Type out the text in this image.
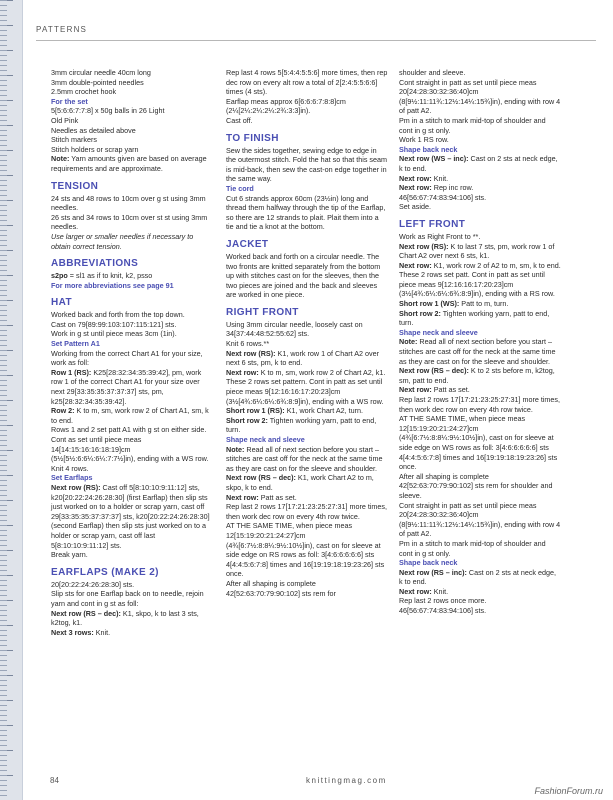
PATTERNS

3mm circular needle 40cm long

3mm double-pointed needles

2.5mm crochet hook

For the set

5[5:6:6:7:7:8] x 50g balls in 26 Light

Old Pink

Needles as detailed above

Stitch markers

Stitch holders or scrap yarn

Note: Yarn amounts given are based on average requirements and are approximate.

TENSION

24 sts and 48 rows to 10cm over g st using 3mm needles.

26 sts and 34 rows to 10cm over st st using 3mm needles.

Use larger or smaller needles if necessary to obtain correct tension.

ABBREVIATIONS

s2po = sl1 as if to knit, k2, psso

For more abbreviations see page 91

HAT

Worked back and forth from the top down.

Cast on 79[89:99:103:107:115:121] sts.

Work in g st until piece meas 3cm (1in).

Set Pattern A1

Working from the correct Chart A1 for your size, work as foll:

Row 1 (RS): K25[28:32:34:35:39:42], pm, work row 1 of the correct Chart A1 for your size over next 29[33:35:35:37:37:37] sts, pm, k25[28:32:34:35:39:42].

Row 2: K to m, sm, work row 2 of Chart A1, sm, k to end.

Rows 1 and 2 set patt A1 with g st on either side. Cont as set until piece meas 14[14:15:16:16:18:19]cm (5½[5½:6:6¼:6¼:7:7½]in), ending with a WS row.

Knit 4 rows.

Set Earflaps

Next row (RS): Cast off 5[8:10:10:9:11:12] sts, k20[20:22:24:26:28:30] (first Earflap) then slip sts just worked on to a holder or scrap yarn, cast off 29[33:35:35:37:37:37] sts, k20[20:22:24:26:28:30] (second Earflap) then slip sts just worked on to a holder or scrap yarn, cast off last 5[8:10:10:9:11:12] sts.

Break yarn.

EARFLAPS (MAKE 2)

20[20:22:24:26:28:30] sts.

Slip sts for one Earflap back on to needle, rejoin yarn and cont in g st as foll:

Next row (RS – dec): K1, skpo, k to last 3 sts, k2tog, k1.

Next 3 rows: Knit.

Rep last 4 rows 5[5:4:4:5:5:6] more times, then rep dec row on every alt row a total of 2[2:4:5:5:6:6] times (4 sts).

Earflap meas approx 6[6:6:6:7:8:8]cm (2¼[2¼:2¼:2¼:2¾:3:3]in).

Cast off.

TO FINISH

Sew the sides together, sewing edge to edge in the outermost stitch. Fold the hat so that this seam is mid-back, then sew the cast-on edge together in the same way.

Tie cord

Cut 6 strands approx 60cm (23½in) long and thread them halfway through the tip of the Earflap, so there are 12 strands to plait. Plait them into a tie and tie a knot at the bottom.

JACKET

Worked back and forth on a circular needle. The two fronts are knitted separately from the bottom up with stitches cast on for the sleeves, then the two pieces are joined and the back and sleeves are worked in one piece.

RIGHT FRONT

Using 3mm circular needle, loosely cast on 34[37:44:48:52:55:62] sts.

Knit 6 rows.**

Next row (RS): K1, work row 1 of Chart A2 over next 6 sts, pm, k to end.

Next row: K to m, sm, work row 2 of Chart A2, k1.

These 2 rows set pattern. Cont in patt as set until piece meas 9[12:16:16:17:20:23]cm (3½[4¾:6¼:6¼:6¾:8:9]in), ending with a WS row.

Short row 1 (RS): K1, work Chart A2, turn.

Short row 2: Tighten working yarn, patt to end, turn.

Shape neck and sleeve

Note: Read all of next section before you start – stitches are cast off for the neck at the same time as they are cast on for the sleeve and shoulder.

Next row (RS – dec): K1, work Chart A2 to m, skpo, k to end.

Next row: Patt as set.

Rep last 2 rows 17[17:21:23:25:27:31] more times, then work dec row on every 4th row twice.

AT THE SAME TIME, when piece meas 12[15:19:20:21:24:27]cm (4¾[6:7½:8:8¼:9½:10½]in), cast on for sleeve at side edge on RS rows as foll: 3[4:6:6:6:6:6] sts 4[4:4:5:6:7:8] times and 16[19:19:18:19:23:26] sts once.

After all shaping is complete 42[52:63:70:79:90:102] sts rem for

shoulder and sleeve.

Cont straight in patt as set until piece meas 20[24:28:30:32:36:40]cm (8[9½:11:11¾:12½:14¼:15¾]in), ending with row 4 of patt A2.

Pm in a stitch to mark mid-top of shoulder and cont in g st only.

Work 1 RS row.

Shape back neck

Next row (WS – inc): Cast on 2 sts at neck edge, k to end.

Next row: Knit.

Next row: Rep inc row.

46[56:67:74:83:94:106] sts.

Set aside.

LEFT FRONT

Work as Right Front to **.

Next row (RS): K to last 7 sts, pm, work row 1 of Chart A2 over next 6 sts, k1.

Next row: K1, work row 2 of A2 to m, sm, k to end.

These 2 rows set patt. Cont in patt as set until piece meas 9[12:16:16:17:20:23]cm (3½[4¾:6¼:6¼:6¾:8:9]in), ending with a RS row.

Short row 1 (WS): Patt to m, turn.

Short row 2: Tighten working yarn, patt to end, turn.

Shape neck and sleeve

Note: Read all of next section before you start – stitches are cast off for the neck at the same time as they are cast on for the sleeve and shoulder.

Next row (RS – dec): K to 2 sts before m, k2tog, sm, patt to end.

Next row: Patt as set.

Rep last 2 rows 17[17:21:23:25:27:31] more times, then work dec row on every 4th row twice.

AT THE SAME TIME, when piece meas 12[15:19:20:21:24:27]cm (4¾[6:7½:8:8¼:9½:10½]in), cast on for sleeve at side edge on WS rows as foll: 3[4:6:6:6:6:6] sts 4[4:4:5:6:7:8] times and 16[19:19:18:19:23:26] sts once.

After all shaping is complete 42[52:63:70:79:90:102] sts rem for shoulder and sleeve.

Cont straight in patt as set until piece meas 20[24:28:30:32:36:40]cm (8[9½:11:11¾:12½:14¼:15¾]in), ending with row 4 of patt A2.

Pm in a stitch to mark mid-top of shoulder and cont in g st only.

Shape back neck

Next row (RS – inc): Cast on 2 sts at neck edge, k to end.

Next row: Knit.

Rep last 2 rows once more.

46[56:67:74:83:94:106] sts.

84	knittingmag.com
FashionForum.ru
